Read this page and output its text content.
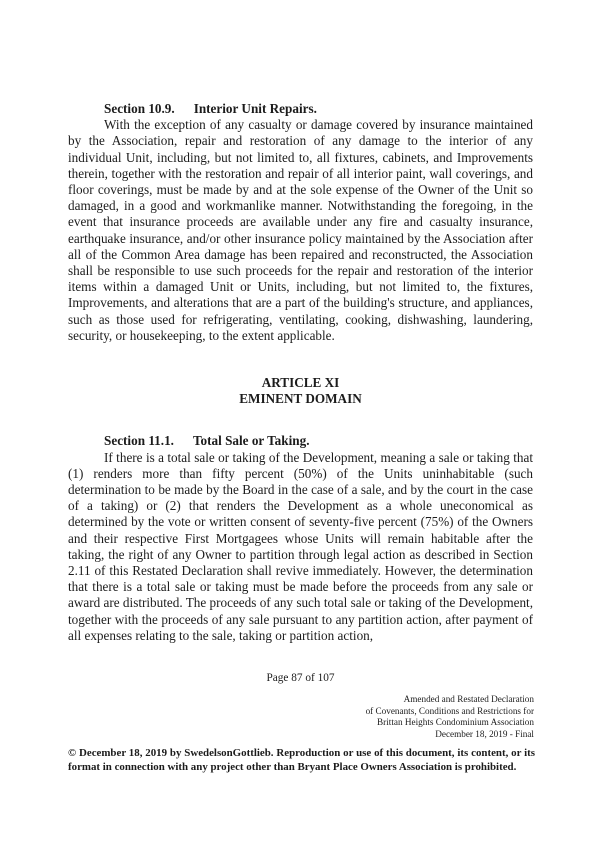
Section 10.9. Interior Unit Repairs.

With the exception of any casualty or damage covered by insurance maintained by the Association, repair and restoration of any damage to the interior of any individual Unit, including, but not limited to, all fixtures, cabinets, and Improvements therein, together with the restoration and repair of all interior paint, wall coverings, and floor coverings, must be made by and at the sole expense of the Owner of the Unit so damaged, in a good and workmanlike manner. Notwithstanding the foregoing, in the event that insurance proceeds are available under any fire and casualty insurance, earthquake insurance, and/or other insurance policy maintained by the Association after all of the Common Area damage has been repaired and reconstructed, the Association shall be responsible to use such proceeds for the repair and restoration of the interior items within a damaged Unit or Units, including, but not limited to, the fixtures, Improvements, and alterations that are a part of the building's structure, and appliances, such as those used for refrigerating, ventilating, cooking, dishwashing, laundering, security, or housekeeping, to the extent applicable.

ARTICLE XI
EMINENT DOMAIN
Section 11.1. Total Sale or Taking.

If there is a total sale or taking of the Development, meaning a sale or taking that (1) renders more than fifty percent (50%) of the Units uninhabitable (such determination to be made by the Board in the case of a sale, and by the court in the case of a taking) or (2) that renders the Development as a whole uneconomical as determined by the vote or written consent of seventy-five percent (75%) of the Owners and their respective First Mortgagees whose Units will remain habitable after the taking, the right of any Owner to partition through legal action as described in Section 2.11 of this Restated Declaration shall revive immediately. However, the determination that there is a total sale or taking must be made before the proceeds from any sale or award are distributed. The proceeds of any such total sale or taking of the Development, together with the proceeds of any sale pursuant to any partition action, after payment of all expenses relating to the sale, taking or partition action,

Page 87 of 107
Amended and Restated Declaration
of Covenants, Conditions and Restrictions for
Brittan Heights Condominium Association
December 18, 2019 - Final
© December 18, 2019 by SwedelsonGottlieb. Reproduction or use of this document, its content, or its format in connection with any project other than Bryant Place Owners Association is prohibited.
